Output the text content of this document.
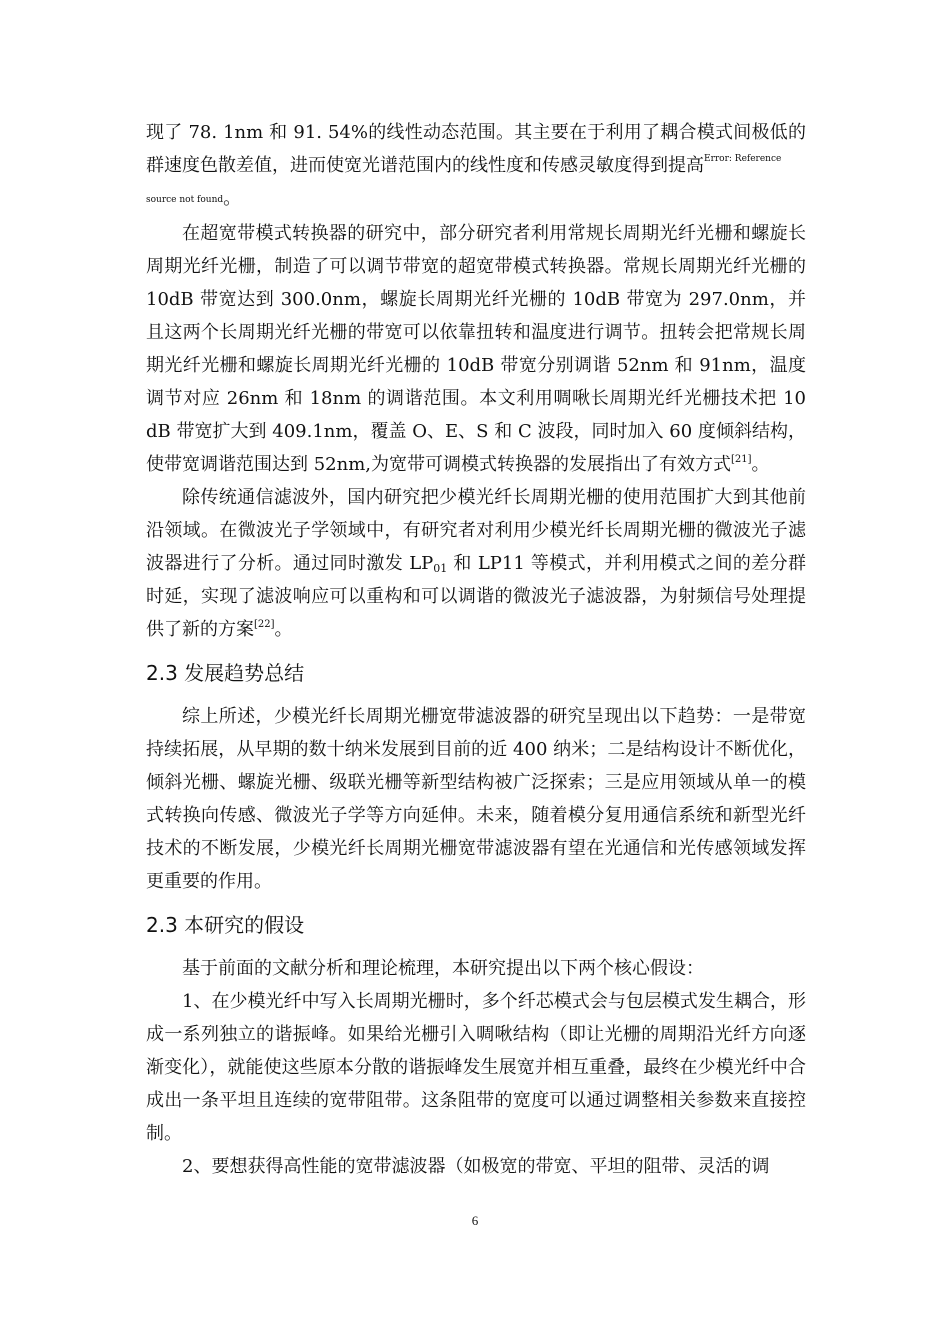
现了 78. 1nm 和 91. 54%的线性动态范围。其主要在于利用了耦合模式间极低的群速度色散差值，进而使宽光谱范围内的线性度和传感灵敏度得到提高$^{Error: Reference}$
source not found。

在超宽带模式转换器的研究中，部分研究者利用常规长周期光纤光栅和螺旋长周期光纤光栅，制造了可以调节带宽的超宽带模式转换器。常规长周期光纤光栅的 10dB 带宽达到 300.0nm，螺旋长周期光纤光栅的 10dB 带宽为 297.0nm，并且这两个长周期光纤光栅的带宽可以依靠扭转和温度进行调节。扭转会把常规长周期光纤光栅和螺旋长周期光纤光栅的 10dB 带宽分别调谐 52nm 和 91nm，温度调节对应 26nm 和 18nm 的调谐范围。本文利用啁啾长周期光纤光栅技术把 10 dB 带宽扩大到 409.1nm，覆盖 O、E、S 和 C 波段，同时加入 60 度倾斜结构，使带宽调谐范围达到 52nm,为宽带可调模式转换器的发展指出了有效方式[21]。

除传统通信滤波外，国内研究把少模光纤长周期光栅的使用范围扩大到其他前沿领域。在微波光子学领域中，有研究者对利用少模光纤长周期光栅的微波光子滤波器进行了分析。通过同时激发 $LP_{01}$ 和 LP11 等模式，并利用模式之间的差分群时延，实现了滤波响应可以重构和可以调谐的微波光子滤波器，为射频信号处理提供了新的方案[22]。

2.3 发展趋势总结

综上所述，少模光纤长周期光栅宽带滤波器的研究呈现出以下趋势：一是带宽持续拓展，从早期的数十纳米发展到目前的近 400 纳米；二是结构设计不断优化，倾斜光栅、螺旋光栅、级联光栅等新型结构被广泛探索；三是应用领域从单一的模式转换向传感、微波光子学等方向延伸。未来，随着模分复用通信系统和新型光纤技术的不断发展，少模光纤长周期光栅宽带滤波器有望在光通信和光传感领域发挥更重要的作用。

2.3 本研究的假设

基于前面的文献分析和理论梳理，本研究提出以下两个核心假设：

1、在少模光纤中写入长周期光栅时，多个纤芯模式会与包层模式发生耦合，形成一系列独立的谐振峰。如果给光栅引入啁啾结构（即让光栅的周期沿光纤方向逐渐变化），就能使这些原本分散的谐振峰发生展宽并相互重叠，最终在少模光纤中合成出一条平坦且连续的宽带阻带。这条阻带的宽度可以通过调整相关参数来直接控制。

2、要想获得高性能的宽带滤波器（如极宽的带宽、平坦的阻带、灵活的调

6
